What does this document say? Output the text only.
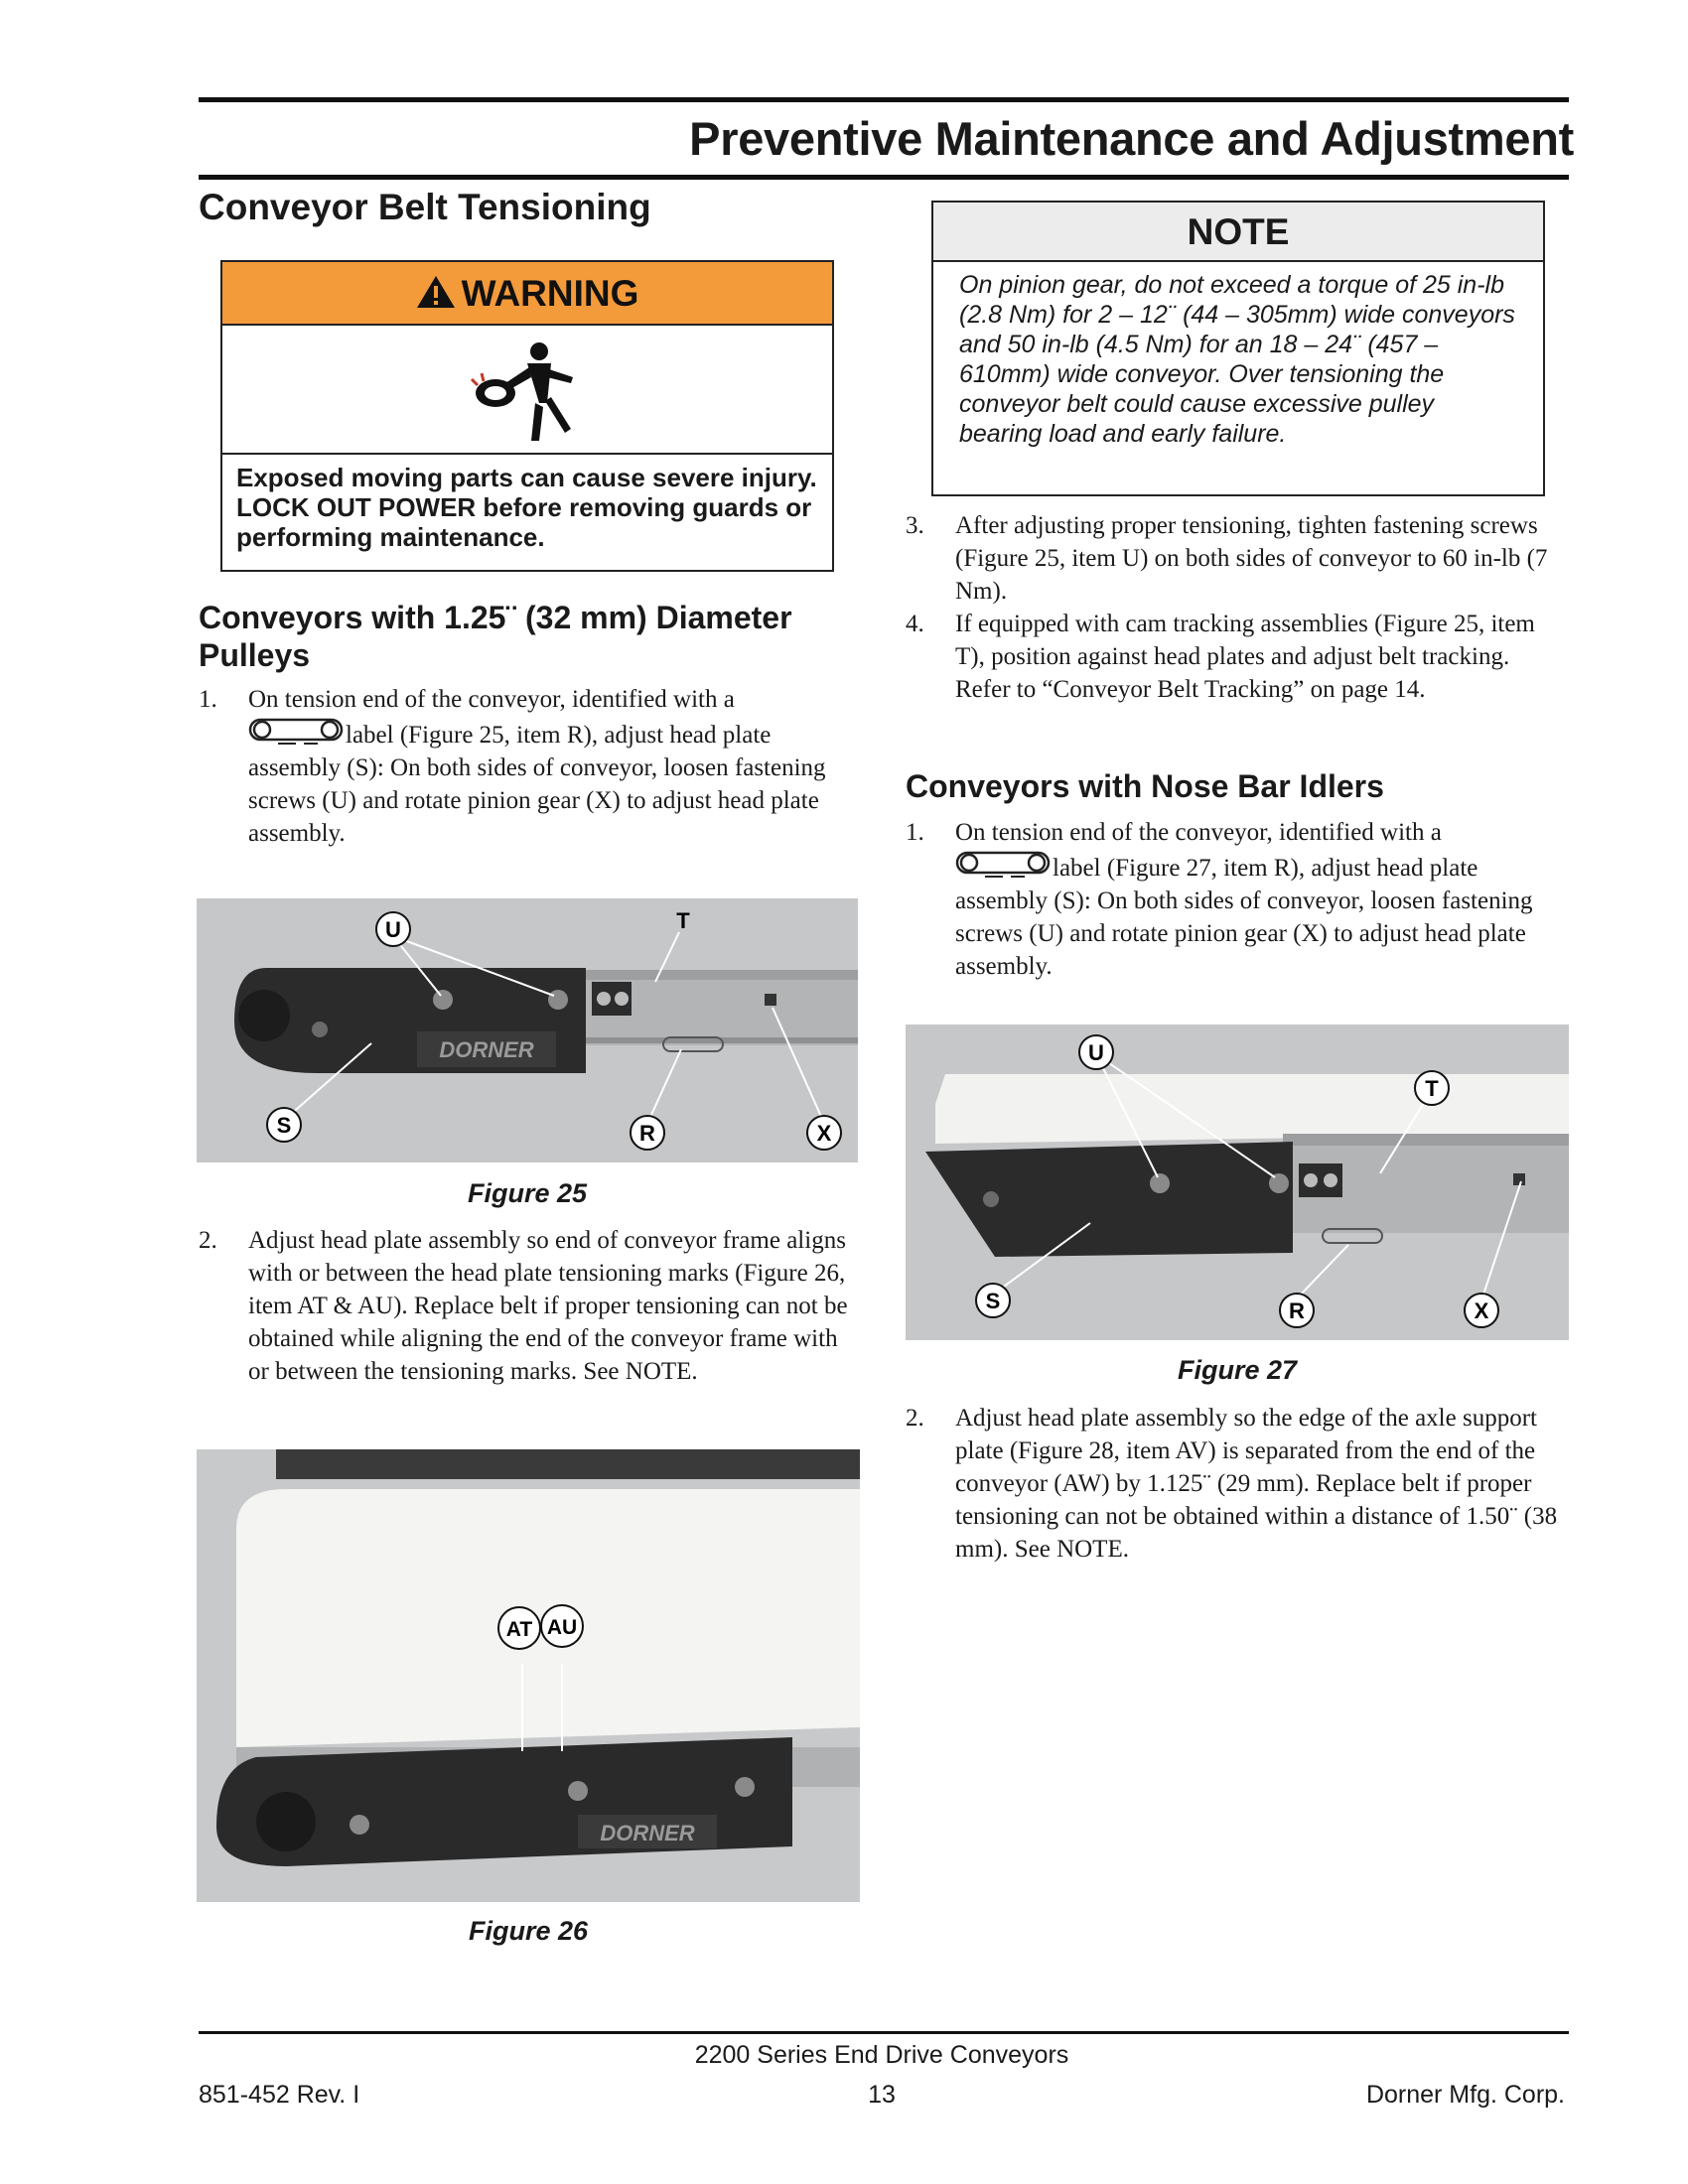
Preventive Maintenance and Adjustment
Conveyor Belt Tensioning
WARNING
Exposed moving parts can cause severe injury. LOCK OUT POWER before removing guards or performing maintenance.
Conveyors with 1.25¨ (32 mm) Diameter Pulleys
1. On tension end of the conveyor, identified with a
label (Figure 25, item R), adjust head plate assembly (S): On both sides of conveyor, loosen fastening screws (U) and rotate pinion gear (X) to adjust head plate assembly.
DORNER
U	T
S	R	X
Figure 25
2. Adjust head plate assembly so end of conveyor frame aligns with or between the head plate tensioning marks (Figure 26, item AT & AU). Replace belt if proper tensioning can not be obtained while aligning the end of the conveyor frame with or between the tensioning marks. See NOTE.
DORNER
AT AU
Figure 26
NOTE
On pinion gear, do not exceed a torque of 25 in-lb (2.8 Nm) for 2 – 12¨ (44 – 305mm) wide conveyors and 50 in-lb (4.5 Nm) for an 18 – 24¨ (457 – 610mm) wide conveyor. Over tensioning the conveyor belt could cause excessive pulley bearing load and early failure.
3. After adjusting proper tensioning, tighten fastening screws (Figure 25, item U) on both sides of conveyor to 60 in-lb (7 Nm).
4. If equipped with cam tracking assemblies (Figure 25, item T), position against head plates and adjust belt tracking. Refer to “Conveyor Belt Tracking” on page 14.
Conveyors with Nose Bar Idlers
1. On tension end of the conveyor, identified with a
label (Figure 27, item R), adjust head plate assembly (S): On both sides of conveyor, loosen fastening screws (U) and rotate pinion gear (X) to adjust head plate assembly.
U
T
S	R	X
Figure 27
2. Adjust head plate assembly so the edge of the axle support plate (Figure 28, item AV) is separated from the end of the conveyor (AW) by 1.125¨ (29 mm). Replace belt if proper tensioning can not be obtained within a distance of 1.50¨ (38 mm). See NOTE.
2200 Series End Drive Conveyors
851-452 Rev. I	13	Dorner Mfg. Corp.
